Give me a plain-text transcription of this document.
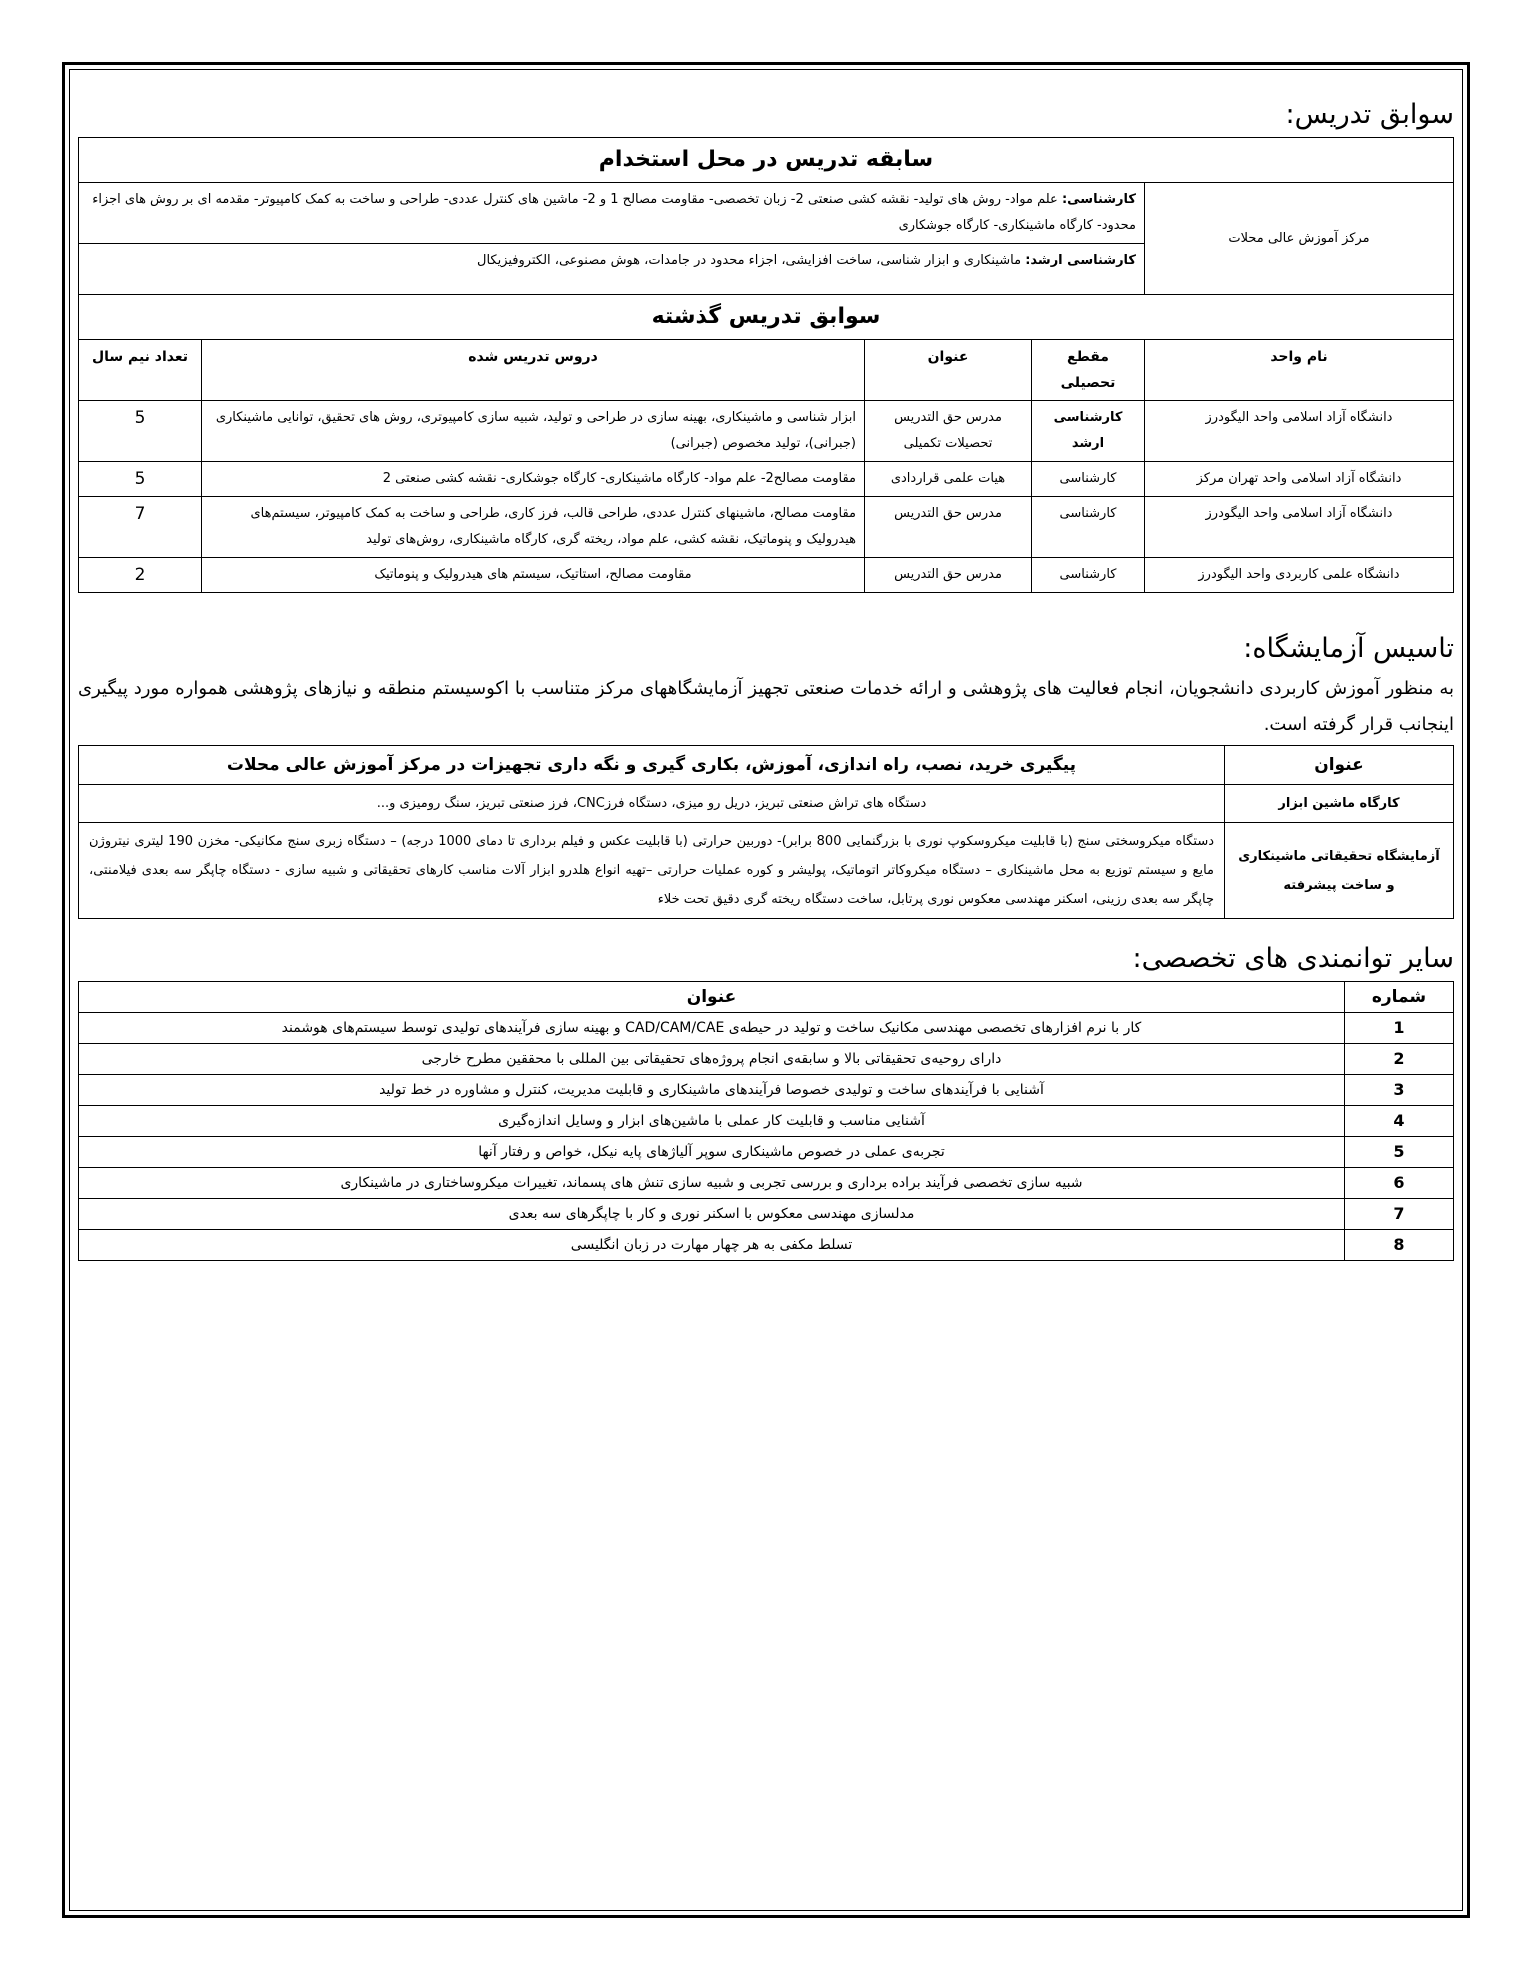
سوابق تدریس:
سابقه تدریس در محل استخدام				
مرکز آموزش عالی محلات	کارشناسی: علم مواد- روش های تولید- نقشه کشی صنعتی 2- زبان تخصصی- مقاومت مصالح 1 و 2- ماشین های کنترل عددی- طراحی و ساخت به کمک کامپیوتر- مقدمه ای بر روش های اجزاء محدود- کارگاه ماشینکاری- کارگاه جوشکاری			
	کارشناسی ارشد: ماشینکاری و ابزار شناسی، ساخت افزایشی، اجزاء محدود در جامدات، هوش مصنوعی، الکتروفیزیکال			
سوابق تدریس گذشته				
نام واحد	مقطع تحصیلی	عنوان	دروس تدریس شده	تعداد نیم سال
دانشگاه آزاد اسلامی واحد الیگودرز	کارشناسی ارشد	مدرس حق التدریس تحصیلات تکمیلی	ابزار شناسی و ماشینکاری، بهینه سازی در طراحی و تولید، شبیه سازی کامپیوتری، روش های تحقیق، توانایی ماشینکاری (جبرانی)، تولید مخصوص (جبرانی)	5
دانشگاه آزاد اسلامی واحد تهران مرکز	کارشناسی	هیات علمی قراردادی	مقاومت مصالح2- علم مواد- کارگاه ماشینکاری- کارگاه جوشکاری- نقشه کشی صنعتی 2	5
دانشگاه آزاد اسلامی واحد الیگودرز	کارشناسی	مدرس حق التدریس	مقاومت مصالح، ماشینهای کنترل عددی، طراحی قالب، فرز کاری، طراحی و ساخت به کمک کامپیوتر، سیستم‌های هیدرولیک و پنوماتیک، نقشه کشی، علم مواد، ریخته گری، کارگاه ماشینکاری، روش‌های تولید	7
دانشگاه علمی کاربردی واحد الیگودرز	کارشناسی	مدرس حق التدریس	مقاومت مصالح، استاتیک، سیستم های هیدرولیک و پنوماتیک	2
تاسیس آزمایشگاه:

به منظور آموزش کاربردی دانشجویان، انجام فعالیت های پژوهشی و ارائه خدمات صنعتی تجهیز آزمایشگاههای مرکز متناسب با اکوسیستم منطقه و نیازهای پژوهشی همواره مورد پیگیری اینجانب قرار گرفته است.

عنوان	پیگیری خرید، نصب، راه اندازی، آموزش، بکاری گیری و نگه داری تجهیزات در مرکز آموزش عالی محلات
کارگاه ماشین ابزار	دستگاه های تراش صنعتی تبریز، دریل رو میزی، دستگاه فرزCNC، فرز صنعتی تبریز، سنگ رومیزی و...
آزمایشگاه تحقیقاتی ماشینکاری و ساخت پیشرفته	دستگاه میکروسختی سنج (با قابلیت میکروسکوپ نوری با بزرگنمایی 800 برابر)- دوربین حرارتی (با قابلیت عکس و فیلم برداری تا دمای 1000 درجه) – دستگاه زبری سنج مکانیکی- مخزن 190 لیتری نیتروژن مایع و سیستم توزیع به محل ماشینکاری – دستگاه میکروکاتر اتوماتیک، پولیشر و کوره عملیات حرارتی –تهیه انواع هلدرو ابزار آلات مناسب کارهای تحقیقاتی و شبیه سازی - دستگاه چاپگر سه بعدی فیلامنتی، چاپگر سه بعدی رزینی، اسکنر مهندسی معکوس نوری پرتابل، ساخت دستگاه ریخته گری دقیق تحت خلاء
سایر توانمندی های تخصصی:
شماره	عنوان
1	کار با نرم افزارهای تخصصی مهندسی مکانیک ساخت و تولید در حیطه‌ی CAD/CAM/CAE و بهینه سازی فرآیندهای تولیدی توسط سیستم‌های هوشمند
2	دارای روحیه‌ی تحقیقاتی بالا و سابقه‌ی انجام پروژه‌های تحقیقاتی بین المللی با محققین مطرح خارجی
3	آشنایی با فرآیندهای ساخت و تولیدی خصوصا فرآیندهای ماشینکاری و قابلیت مدیریت، کنترل و مشاوره در خط تولید
4	آشنایی مناسب و قابلیت کار عملی با ماشین‌های ابزار و وسایل اندازه‌گیری
5	تجربه‌ی عملی در خصوص ماشینکاری سوپر آلیاژهای پایه نیکل، خواص و رفتار آنها
6	شبیه سازی تخصصی فرآیند براده برداری و بررسی تجربی و شبیه سازی تنش های پسماند، تغییرات میکروساختاری در ماشینکاری
7	مدلسازی مهندسی معکوس با اسکنر نوری و کار با چاپگرهای سه بعدی
8	تسلط مکفی به هر چهار مهارت در زبان انگلیسی
